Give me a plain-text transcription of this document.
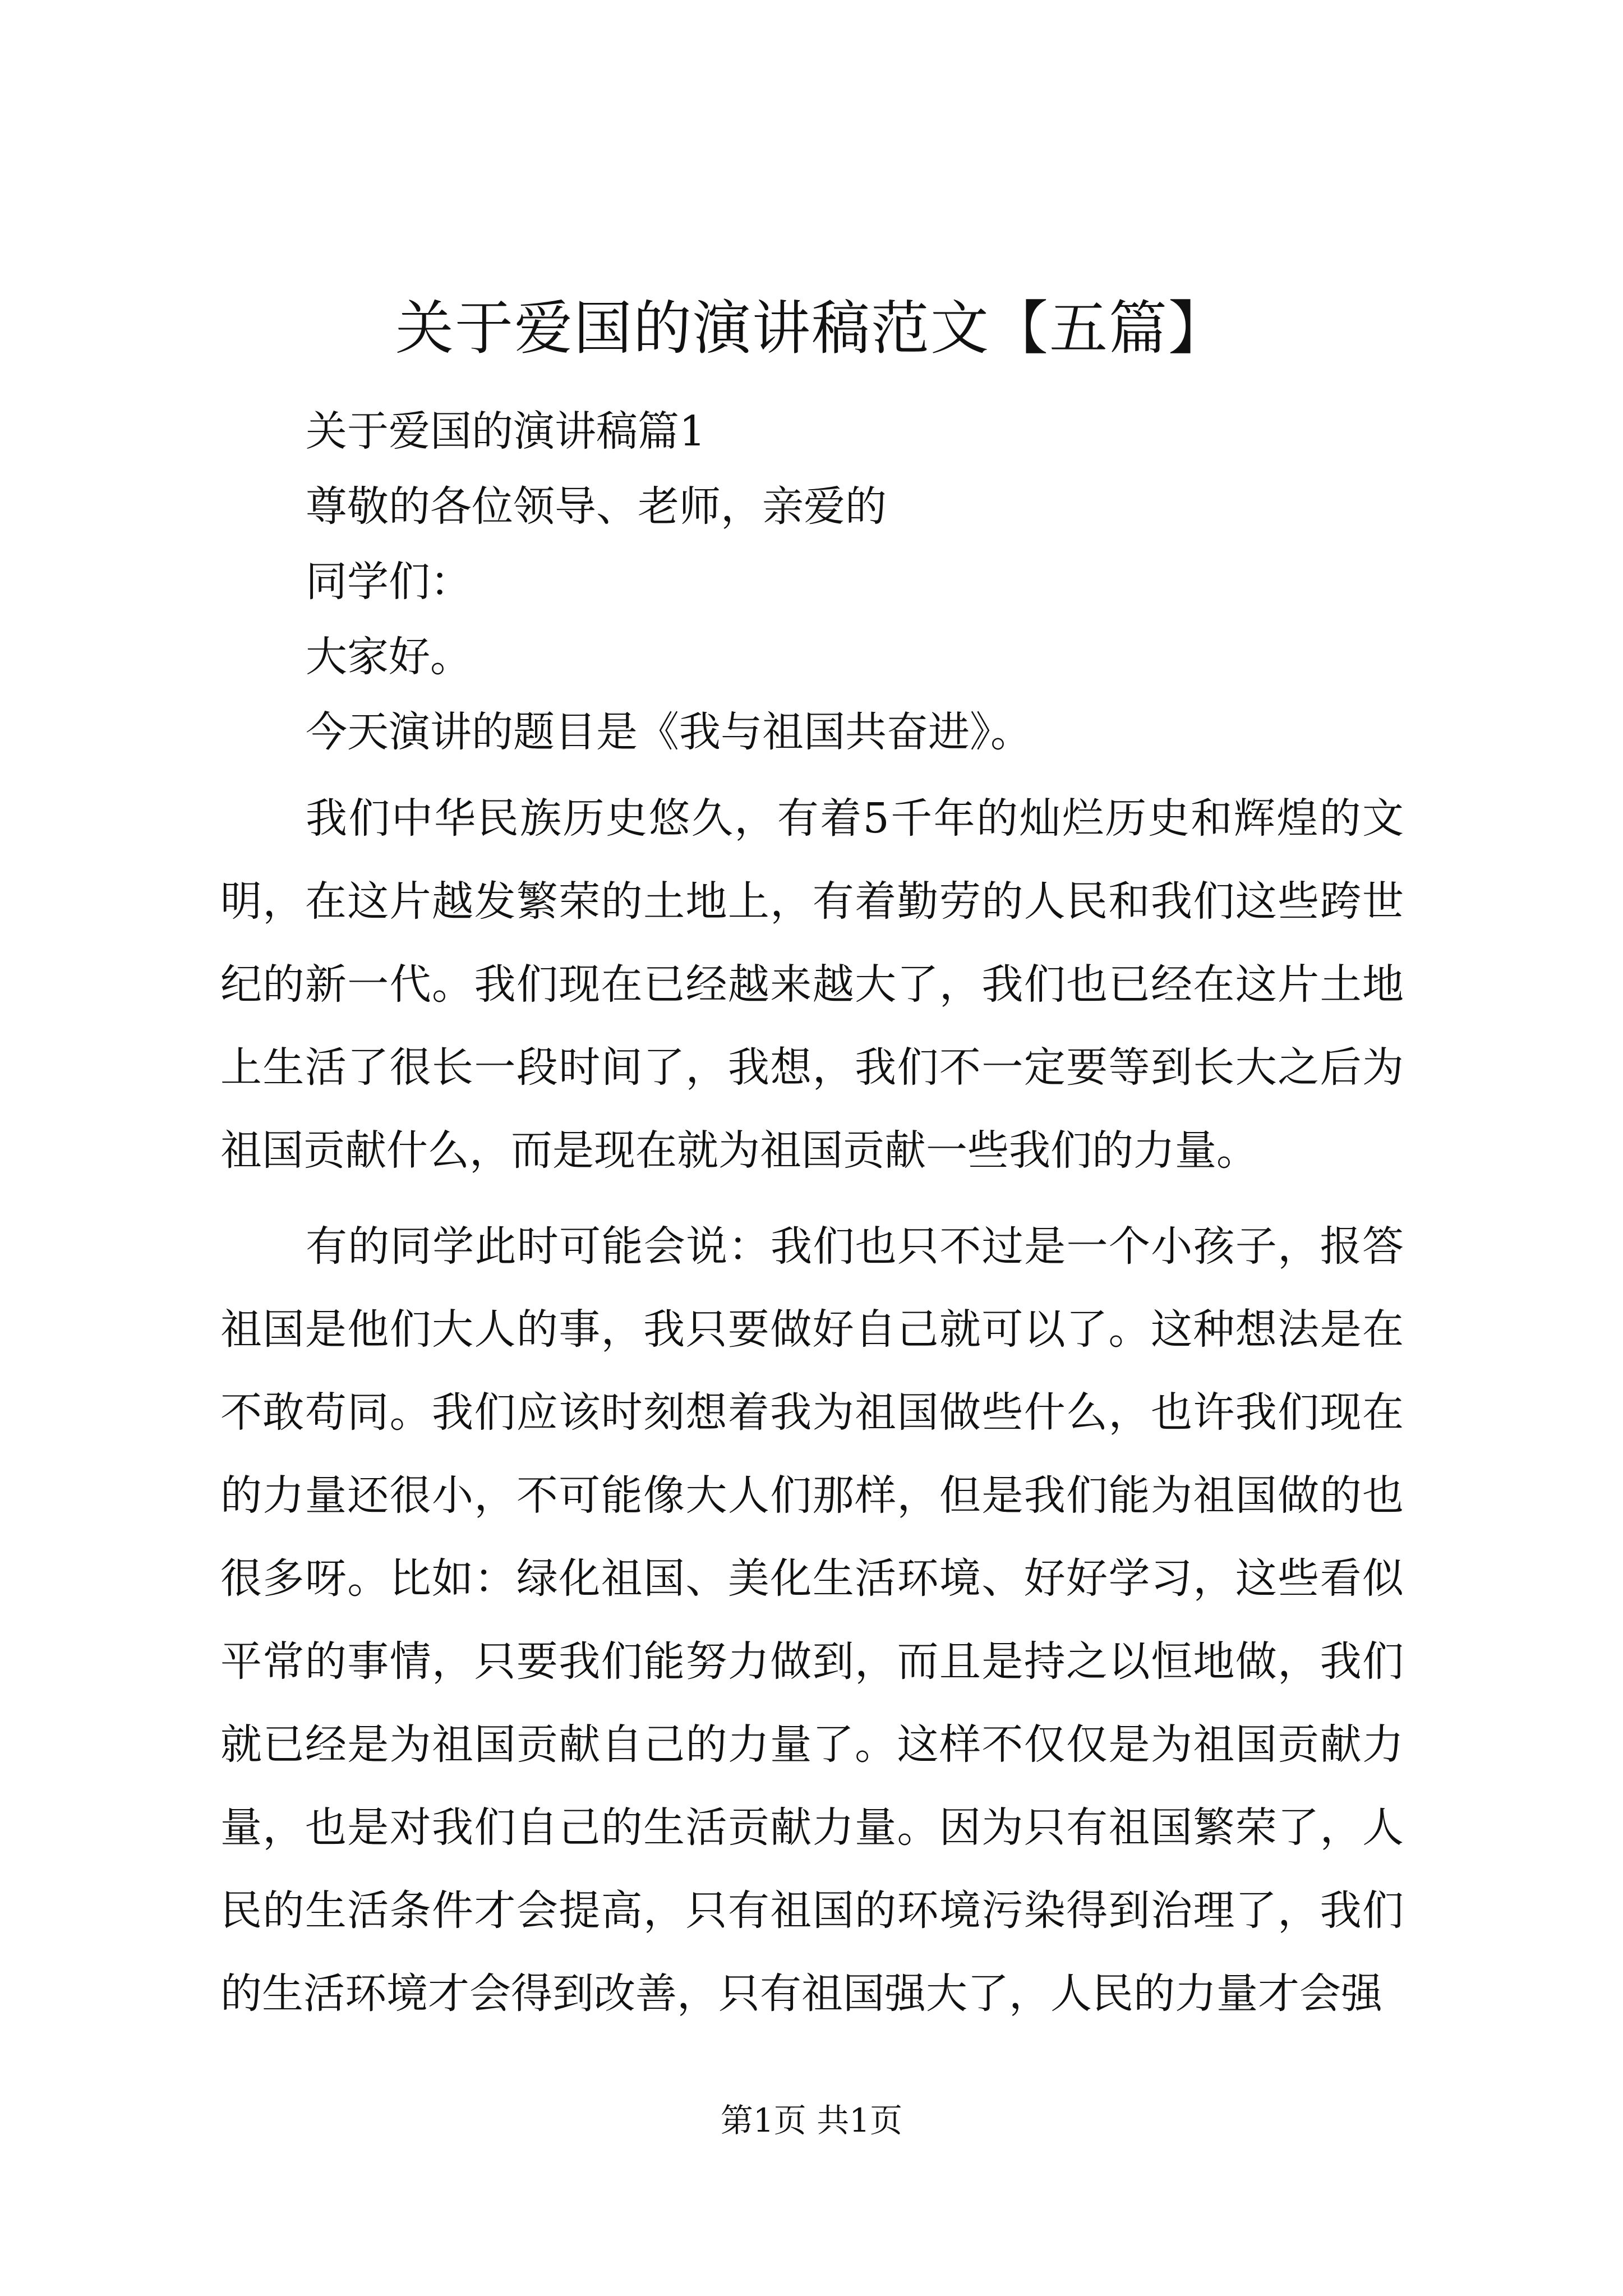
关于爱国的演讲稿范文【五篇】

关于爱国的演讲稿篇1

尊敬的各位领导、老师，亲爱的

同学们：

大家好。

今天演讲的题目是《我与祖国共奋进》。

我们中华民族历史悠久，有着5千年的灿烂历史和辉煌的文明，在这片越发繁荣的土地上，有着勤劳的人民和我们这些跨世纪的新一代。我们现在已经越来越大了，我们也已经在这片土地上生活了很长一段时间了，我想，我们不一定要等到长大之后为祖国贡献什么，而是现在就为祖国贡献一些我们的力量。

有的同学此时可能会说：我们也只不过是一个小孩子，报答祖国是他们大人的事，我只要做好自己就可以了。这种想法是在不敢苟同。我们应该时刻想着我为祖国做些什么，也许我们现在的力量还很小，不可能像大人们那样，但是我们能为祖国做的也很多呀。比如：绿化祖国、美化生活环境、好好学习，这些看似平常的事情，只要我们能努力做到，而且是持之以恒地做，我们就已经是为祖国贡献自己的力量了。这样不仅仅是为祖国贡献力量，也是对我们自己的生活贡献力量。因为只有祖国繁荣了，人民的生活条件才会提高，只有祖国的环境污染得到治理了，我们的生活环境才会得到改善，只有祖国强大了，人民的力量才会强

第1页 共1页
